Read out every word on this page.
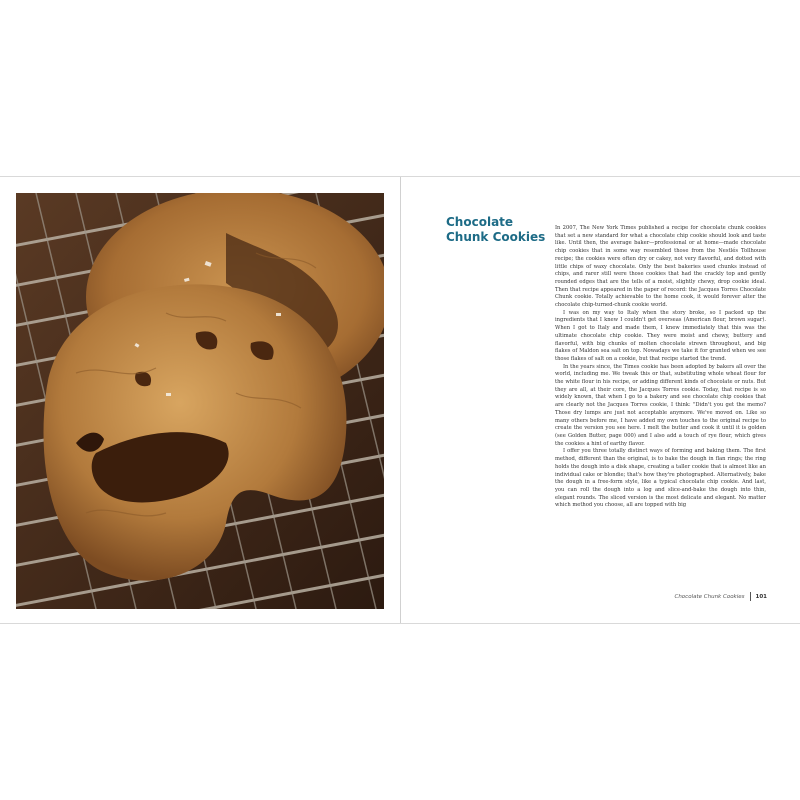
Chocolate Chunk Cookies

In 2007, The New York Times published a recipe for chocolate chunk cookies that set a new standard for what a chocolate chip cookie should look and taste like. Until then, the average baker—professional or at home—made chocolate chip cookies that in some way resembled those from the Nestlés Tollhouse recipe; the cookies were often dry or cakey, not very flavorful, and dotted with little chips of waxy chocolate. Only the best bakeries used chunks instead of chips, and rarer still were those cookies that had the crackly top and gently rounded edges that are the tells of a moist, slightly chewy, drop cookie ideal. Then that recipe appeared in the paper of record: the Jacques Torres Chocolate Chunk cookie. Totally achievable to the home cook, it would forever alter the chocolate chip-turned-chunk cookie world.

I was on my way to Italy when the story broke, so I packed up the ingredients that I knew I couldn't get overseas (American flour, brown sugar). When I got to Italy and made them, I knew immediately that this was the ultimate chocolate chip cookie. They were moist and chewy, buttery and flavorful, with big chunks of molten chocolate strewn throughout, and big flakes of Maldon sea salt on top. Nowadays we take it for granted when we see those flakes of salt on a cookie, but that recipe started the trend.

In the years since, the Times cookie has been adopted by bakers all over the world, including me. We tweak this or that, substituting whole wheat flour for the white flour in his recipe, or adding different kinds of chocolate or nuts. But they are all, at their core, the Jacques Torres cookie. Today, that recipe is so widely known, that when I go to a bakery and see chocolate chip cookies that are clearly not the Jacques Torres cookie, I think: "Didn't you get the memo? Those dry lumps are just not acceptable anymore. We've moved on. Like so many others before me, I have added my own touches to the original recipe to create the version you see here. I melt the butter and cook it until it is golden (see Golden Butter, page 000) and I also add a touch of rye flour, which gives the cookies a hint of earthy flavor.

I offer you three totally distinct ways of forming and baking them. The first method, different than the original, is to bake the dough in flan rings; the ring holds the dough into a disk shape, creating a taller cookie that is almost like an individual cake or blondie; that's how they're photographed. Alternatively, bake the dough in a free-form style, like a typical chocolate chip cookie. And last, you can roll the dough into a log and slice-and-bake the dough into thin, elegant rounds. The sliced version is the most delicate and elegant. No matter which method you choose, all are topped with big

Chocolate Chunk Cookies 101
